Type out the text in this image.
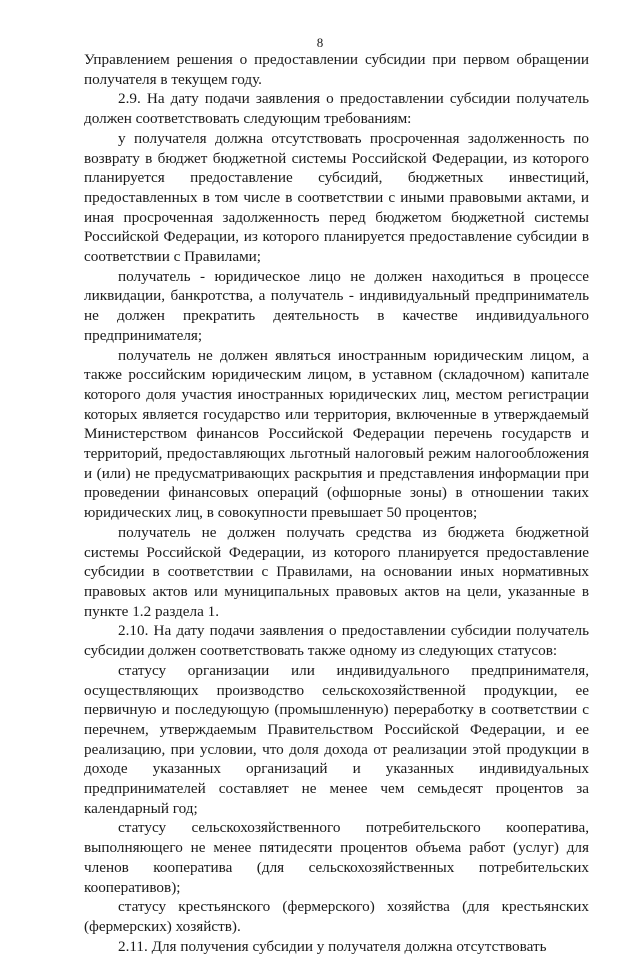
8

Управлением решения о предоставлении субсидии при первом обращении получателя в текущем году.

2.9. На дату подачи заявления о предоставлении субсидии получатель должен соответствовать следующим требованиям:

у получателя должна отсутствовать просроченная задолженность по возврату в бюджет бюджетной системы Российской Федерации, из которого планируется предоставление субсидий, бюджетных инвестиций, предоставленных в том числе в соответствии с иными правовыми актами, и иная просроченная задолженность перед бюджетом бюджетной системы Российской Федерации, из которого планируется предоставление субсидии в соответствии с Правилами;

получатель - юридическое лицо не должен находиться в процессе ликвидации, банкротства, а получатель - индивидуальный предприниматель не должен прекратить деятельность в качестве индивидуального предпринимателя;

получатель не должен являться иностранным юридическим лицом, а также российским юридическим лицом, в уставном (складочном) капитале которого доля участия иностранных юридических лиц, местом регистрации которых является государство или территория, включенные в утверждаемый Министерством финансов Российской Федерации перечень государств и территорий, предоставляющих льготный налоговый режим налогообложения и (или) не предусматривающих раскрытия и представления информации при проведении финансовых операций (офшорные зоны) в отношении таких юридических лиц, в совокупности превышает 50 процентов;

получатель не должен получать средства из бюджета бюджетной системы Российской Федерации, из которого планируется предоставление субсидии в соответствии с Правилами, на основании иных нормативных правовых актов или муниципальных правовых актов на цели, указанные в пункте 1.2 раздела 1.

2.10. На дату подачи заявления о предоставлении субсидии получатель субсидии должен соответствовать также одному из следующих статусов:

статусу организации или индивидуального предпринимателя, осуществляющих производство сельскохозяйственной продукции, ее первичную и последующую (промышленную) переработку в соответствии с перечнем, утверждаемым Правительством Российской Федерации, и ее реализацию, при условии, что доля дохода от реализации этой продукции в доходе указанных организаций и указанных индивидуальных предпринимателей составляет не менее чем семьдесят процентов за календарный год;

статусу сельскохозяйственного потребительского кооператива, выполняющего не менее пятидесяти процентов объема работ (услуг) для членов кооператива (для сельскохозяйственных потребительских кооперативов);

статусу крестьянского (фермерского) хозяйства (для крестьянских (фермерских) хозяйств).

2.11. Для получения субсидии у получателя должна отсутствовать
